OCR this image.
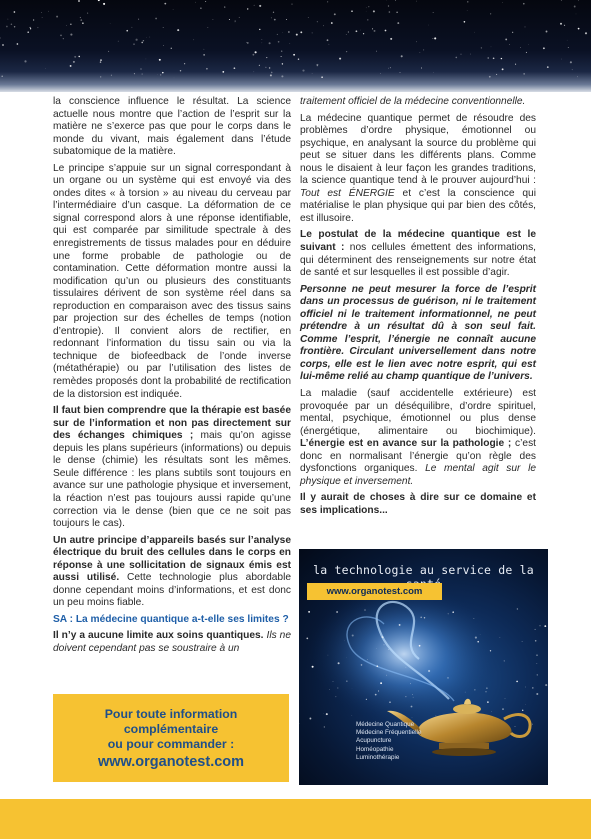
la conscience influence le résultat. La science actuelle nous montre que l’action de l’esprit sur la matière ne s’exerce pas que pour le corps dans le monde du vivant, mais également dans l’étude subatomique de la matière.

Le principe s’appuie sur un signal correspondant à un organe ou un système qui est envoyé via des ondes dites « à torsion » au niveau du cerveau par l’intermédiaire d’un casque. La déformation de ce signal correspond alors à une réponse identifiable, qui est comparée par similitude spectrale à des enregistrements de tissus malades pour en déduire une forme probable de pathologie ou de contamination. Cette déformation montre aussi la modification qu’un ou plusieurs des constituants tissulaires dérivent de son système réel dans sa reproduction en comparaison avec des tissus sains par projection sur des échelles de temps (notion d’entropie). Il convient alors de rectifier, en redonnant l’information du tissu sain ou via la technique de biofeedback de l’onde inverse (métathérapie) ou par l’utilisation des listes de remèdes proposés dont la probabilité de rectification de la distorsion est indiquée.

Il faut bien comprendre que la thérapie est basée sur de l’information et non pas directement sur des échanges chimiques ; mais qu’on agisse depuis les plans supérieurs (informations) ou depuis le dense (chimie) les résultats sont les mêmes. Seule différence : les plans subtils sont toujours en avance sur une pathologie physique et inversement, la réaction n’est pas toujours aussi rapide qu’une correction via le dense (bien que ce ne soit pas toujours le cas).

Un autre principe d’appareils basés sur l’analyse électrique du bruit des cellules dans le corps en réponse à une sollicitation de signaux émis est aussi utilisé. Cette technologie plus abordable donne cependant moins d’informations, et est donc un peu moins fiable.

SA : La médecine quantique a-t-elle ses limites ?

Il n’y a aucune limite aux soins quantiques. Ils ne doivent cependant pas se soustraire à un

traitement officiel de la médecine conventionnelle.

La médecine quantique permet de résoudre des problèmes d’ordre physique, émotionnel ou psychique, en analysant la source du problème qui peut se situer dans les différents plans. Comme nous le disaient à leur façon les grandes traditions, la science quantique tend à le prouver aujourd’hui : Tout est ÉNERGIE et c’est la conscience qui matérialise le plan physique qui par bien des côtés, est illusoire.

Le postulat de la médecine quantique est le suivant : nos cellules émettent des informations, qui déterminent des renseignements sur notre état de santé et sur lesquelles il est possible d’agir.

Personne ne peut mesurer la force de l’esprit dans un processus de guérison, ni le traitement officiel ni le traitement informationnel, ne peut prétendre à un résultat dû à son seul fait. Comme l’esprit, l’énergie ne connaît aucune frontière. Circulant universellement dans notre corps, elle est le lien avec notre esprit, qui est lui-même relié au champ quantique de l’univers.

La maladie (sauf accidentelle extérieure) est provoquée par un déséquilibre, d’ordre spirituel, mental, psychique, émotionnel ou plus dense (énergétique, alimentaire ou biochimique). L’énergie est en avance sur la pathologie ; c’est donc en normalisant l’énergie qu’on règle des dysfonctions organiques. Le mental agit sur le physique et inversement.

Il y aurait de choses à dire sur ce domaine et ses implications...

Pour toute information
complémentaire
ou pour commander :
www.organotest.com
la technologie au service de la
www.organotest.com
Médecine Quantique
Médecine Fréquentielle
Acupuncture
Homéopathie
Luminothérapie
